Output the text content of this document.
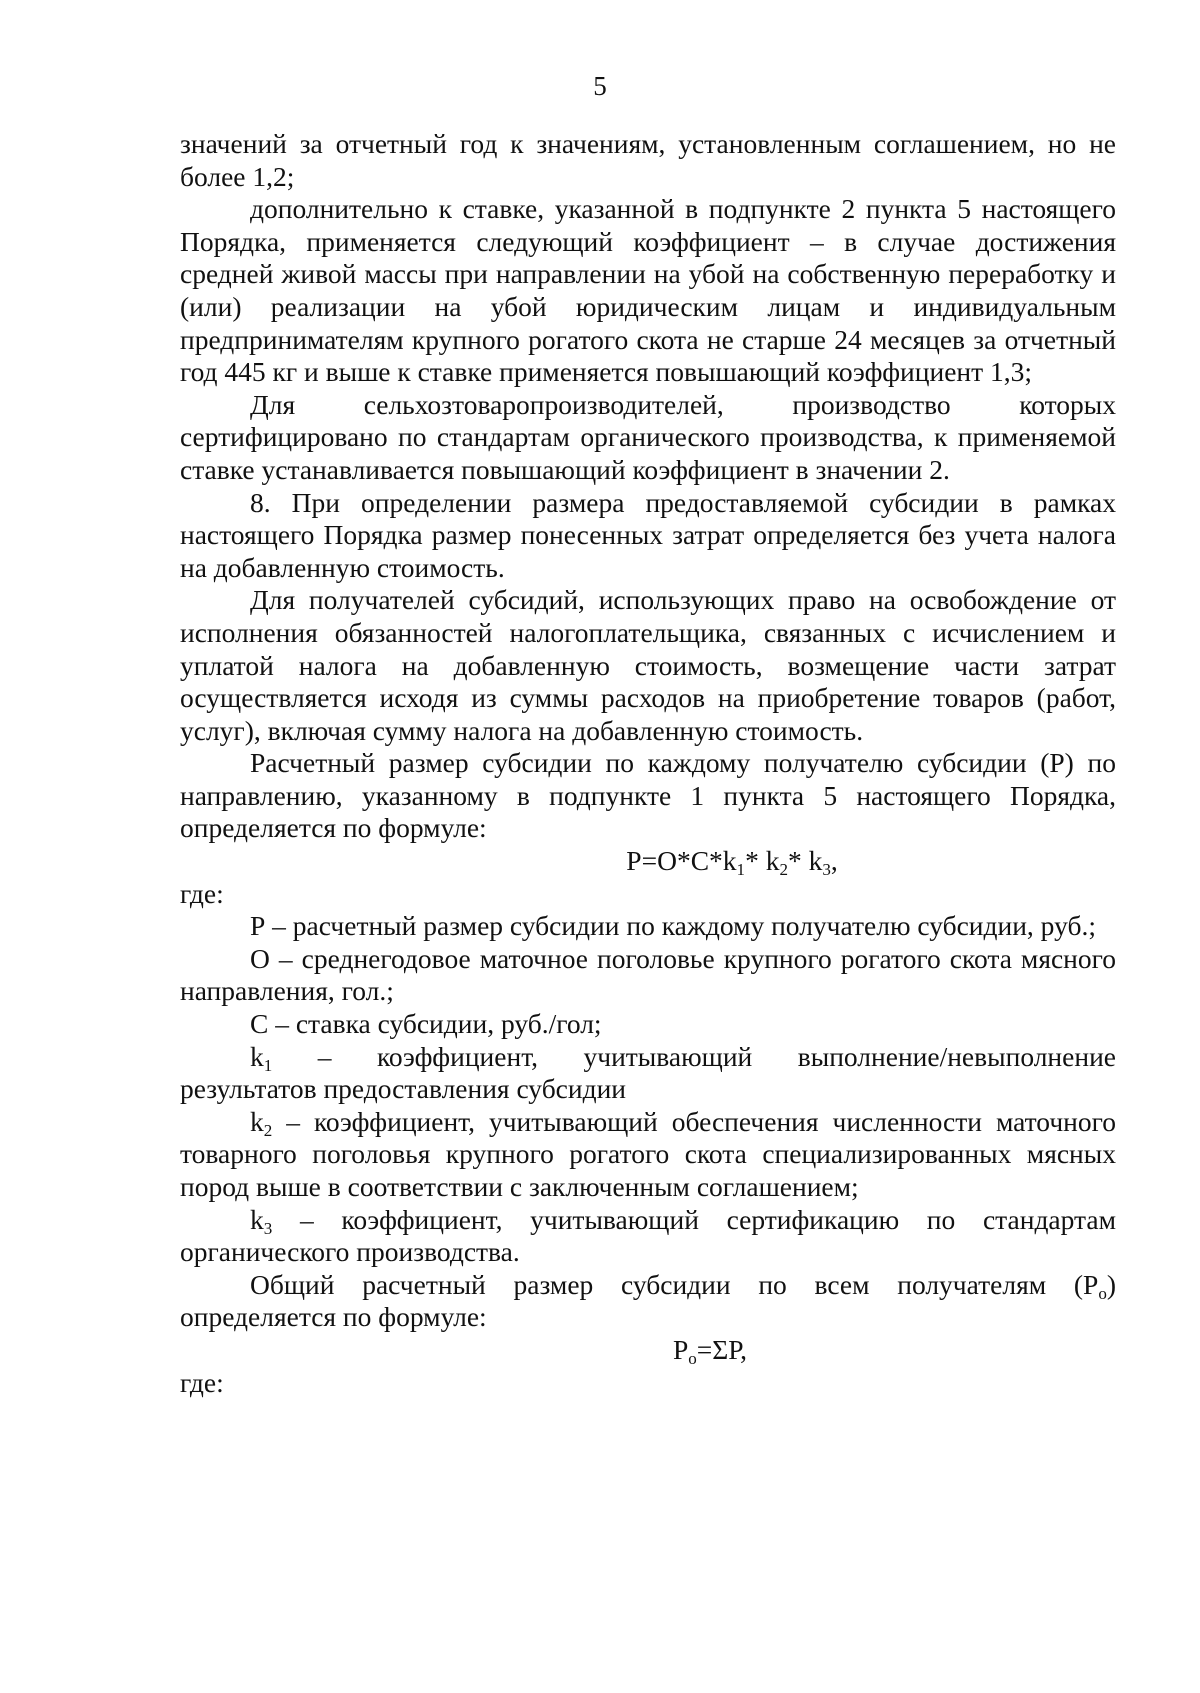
5

значений за отчетный год к значениям, установленным соглашением, но не более 1,2;

дополнительно к ставке, указанной в подпункте 2 пункта 5 настоящего Порядка, применяется следующий коэффициент – в случае достижения средней живой массы при направлении на убой на собственную переработку и (или) реализации на убой юридическим лицам и индивидуальным предпринимателям крупного рогатого скота не старше 24 месяцев за отчетный год 445 кг и выше к ставке применяется повышающий коэффициент 1,3;

Для сельхозтоваропроизводителей, производство которых

сертифицировано по стандартам органического производства, к применяемой ставке устанавливается повышающий коэффициент в значении 2.

8. При определении размера предоставляемой субсидии в рамках настоящего Порядка размер понесенных затрат определяется без учета налога на добавленную стоимость.

Для получателей субсидий, использующих право на освобождение от исполнения обязанностей налогоплательщика, связанных с исчислением и уплатой налога на добавленную стоимость, возмещение части затрат осуществляется исходя из суммы расходов на приобретение товаров (работ, услуг), включая сумму налога на добавленную стоимость.

Расчетный размер субсидии по каждому получателю субсидии (Р) по направлению, указанному в подпункте 1 пункта 5 настоящего Порядка, определяется по формуле:

$Р=О*С*k_1*$ $k_2*$ $k_3$,

где:

Р – расчетный размер субсидии по каждому получателю субсидии, руб.;

О – среднегодовое маточное поголовье крупного рогатого скота мясного направления, гол.;

С – ставка субсидии, руб./гол;

$k_1$ – коэффициент, учитывающий выполнение/невыполнение

результатов предоставления субсидии

$k_2$ – коэффициент, учитывающий обеспечения численности маточного товарного поголовья крупного рогатого скота специализированных мясных пород выше в соответствии с заключенным соглашением;

$k_3$ – коэффициент, учитывающий сертификацию по стандартам органического производства.

Общий расчетный размер субсидии по всем получателям $(Р_о)$ определяется по формуле:

$Р_о=\Sigma Р$,

где:
